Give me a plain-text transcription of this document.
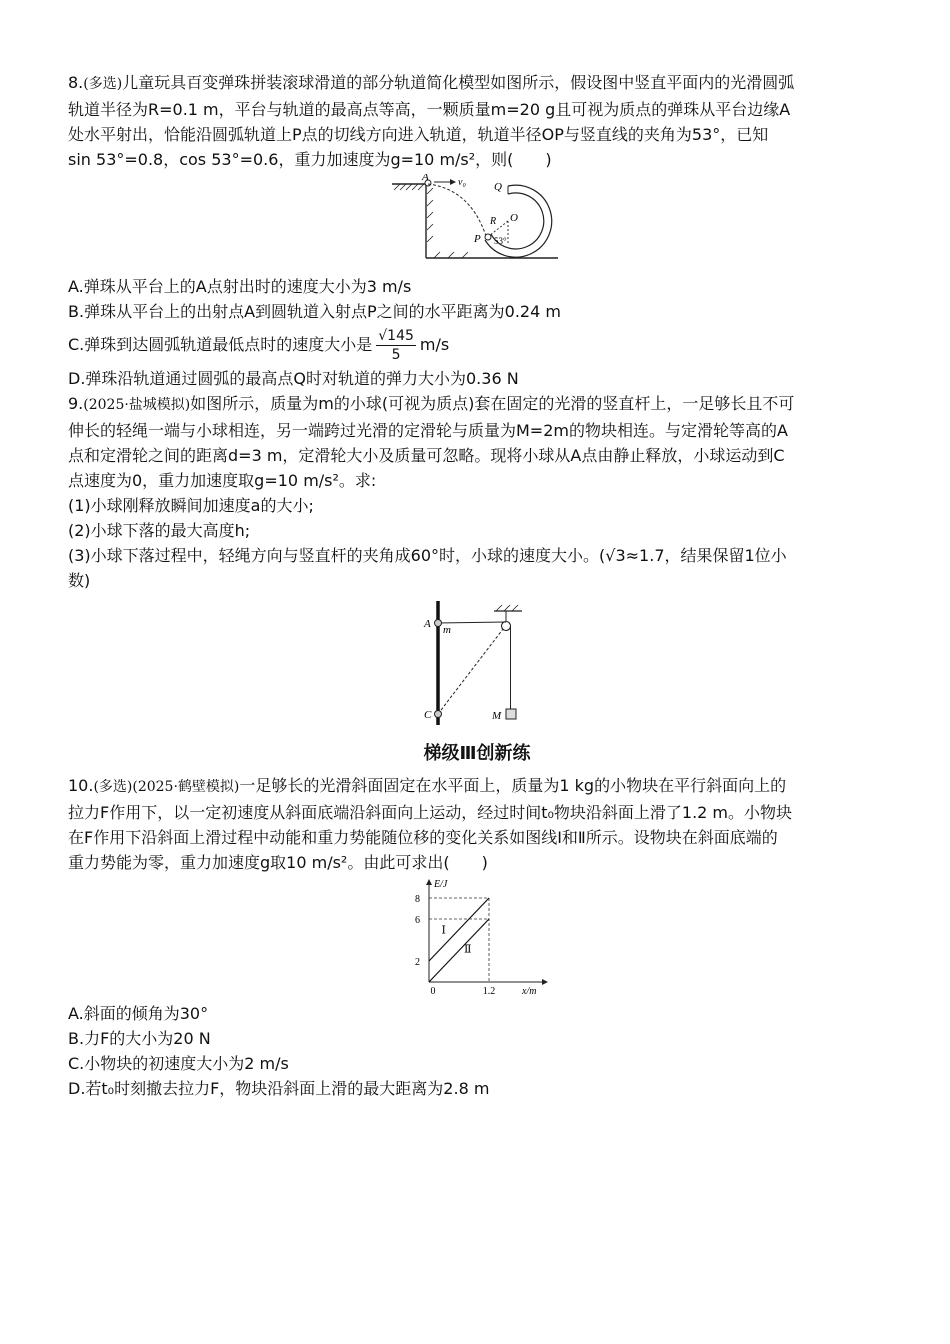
8.(多选)儿童玩具百变弹珠拼装滚球滑道的部分轨道简化模型如图所示，假设图中竖直平面内的光滑圆弧

轨道半径为R=0.1 m，平台与轨道的最高点等高，一颗质量m=20 g且可视为质点的弹珠从平台边缘A

处水平射出，恰能沿圆弧轨道上P点的切线方向进入轨道，轨道半径OP与竖直线的夹角为53°，已知

sin 53°=0.8，cos 53°=0.6，重力加速度为g=10 m/s²，则(　　)

A	v₀	Q
R O
P 53°

A.弹珠从平台上的A点射出时的速度大小为3 m/s

B.弹珠从平台上的出射点A到圆轨道入射点P之间的水平距离为0.24 m

C.弹珠到达圆弧轨道最低点时的速度大小是 $\frac{√145}{5} m/s$

D.弹珠沿轨道通过圆弧的最高点Q时对轨道的弹力大小为0.36 N

9.(2025·盐城模拟)如图所示，质量为m的小球(可视为质点)套在固定的光滑的竖直杆上，一足够长且不可

伸长的轻绳一端与小球相连，另一端跨过光滑的定滑轮与质量为M=2m的物块相连。与定滑轮等高的A

点和定滑轮之间的距离d=3 m，定滑轮大小及质量可忽略。现将小球从A点由静止释放，小球运动到C

点速度为0，重力加速度取g=10 m/s²。求:

(1)小球刚释放瞬间加速度a的大小;

(2)小球下落的最大高度h;

(3)小球下落过程中，轻绳方向与竖直杆的夹角成60°时，小球的速度大小。(√3≈1.7，结果保留1位小

数)

A m
C	M
梯级Ⅲ创新练

10.(多选)(2025·鹤壁模拟)一足够长的光滑斜面固定在水平面上，质量为1 kg的小物块在平行斜面向上的

拉力F作用下，以一定初速度从斜面底端沿斜面向上运动，经过时间t₀物块沿斜面上滑了1.2 m。小物块

在F作用下沿斜面上滑过程中动能和重力势能随位移的变化关系如图线Ⅰ和Ⅱ所示。设物块在斜面底端的

重力势能为零，重力加速度g取10 m/s²。由此可求出(　　)

2
6
8
0	1.2
Ⅰ
Ⅱ
E/J
x/m

A.斜面的倾角为30°

B.力F的大小为20 N

C.小物块的初速度大小为2 m/s

D.若t₀时刻撤去拉力F，物块沿斜面上滑的最大距离为2.8 m
